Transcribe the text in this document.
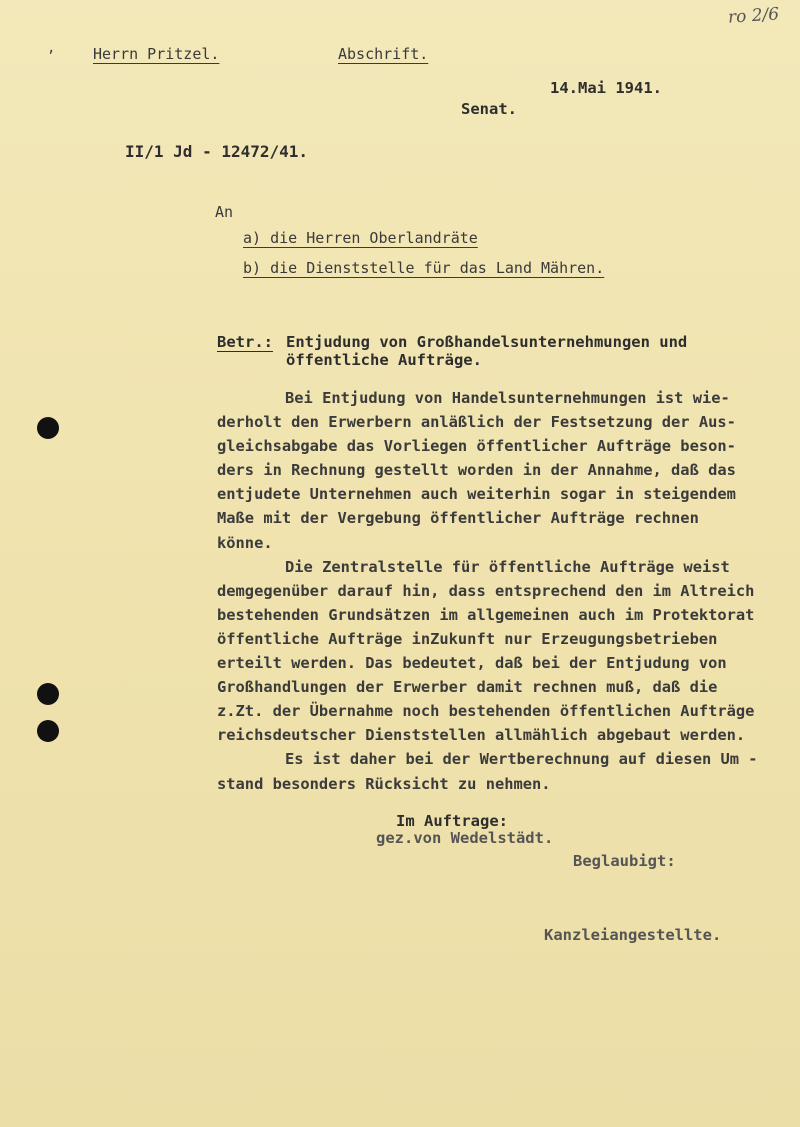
,
ro 2/6
Herrn Pritzel.	Abschrift.
14.Mai 1941.
Senat.
II/1 Jd - 12472/41.
An
a) die Herren Oberlandräte
b) die Dienststelle für das Land Mähren.
Betr.: Entjudung von Großhandelsunternehmungen und
öffentliche Aufträge.
Bei Entjudung von Handelsunternehmungen ist wie-
derholt den Erwerbern anläßlich der Festsetzung der Aus-
gleichsabgabe das Vorliegen öffentlicher Aufträge beson-
ders in Rechnung gestellt worden in der Annahme, daß das
entjudete Unternehmen auch weiterhin sogar in steigendem
Maße mit der Vergebung öffentlicher Aufträge rechnen
könne.
Die Zentralstelle für öffentliche Aufträge weist
demgegenüber darauf hin, dass entsprechend den im Altreich
bestehenden Grundsätzen im allgemeinen auch im Protektorat
öffentliche Aufträge inZukunft nur Erzeugungsbetrieben
erteilt werden. Das bedeutet, daß bei der Entjudung von
Großhandlungen der Erwerber damit rechnen muß, daß die
z.Zt. der Übernahme noch bestehenden öffentlichen Aufträge
reichsdeutscher Dienststellen allmählich abgebaut werden.
Es ist daher bei der Wertberechnung auf diesen Um -
stand besonders Rücksicht zu nehmen.
Im Auftrage:
gez.von Wedelstädt.
Beglaubigt:
Kanzleiangestellte.
